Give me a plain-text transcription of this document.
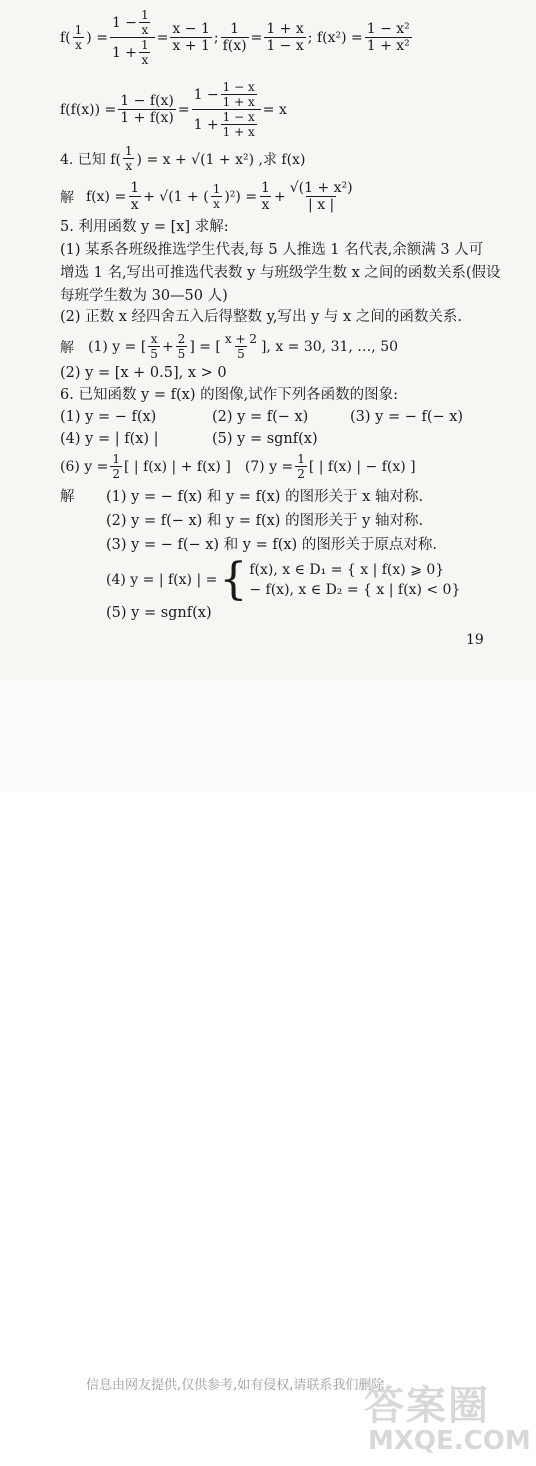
$f( \frac{1}{x}$ ) = $\frac{1 - \frac{1}{x}}{1 + \frac{1}{x}} = \frac{x - 1}{x + 1}$ ; $\frac{1}{f(x)} = \frac{1 + x}{1 - x}$ ; $f(x^2) = \frac{\text{1 − x²}}{\text{1 + x²}}$
$f(f(x)) = \frac{1 - f(x)}{1 + f(x)} = \frac{1 - \frac{1 - x}{1 + x}}{1 + \frac{1 - x}{1 + x}} = x$
4. 已知 $f( \frac{1}{x}$ ) = x + √(1 + x²) ,求 f(x)
解 $f(x) = \frac{1}{x} + √(1$ + ( $\frac{1}{x} )^2) = \frac{1}{x} + \frac{\text{√(1 + x²)}}{| x |}$
5. 利用函数 y = [x] 求解:
(1) 某系各班级推选学生代表,每 5 人推选 1 名代表,余额满 3 人可
增选 1 名,写出可推选代表数 y 与班级学生数 x 之间的函数关系(假设
每班学生数为 30—50 人)
(2) 正数 x 经四舍五入后得整数 y,写出 y 与 x 之间的函数关系.
解 (1) y = [ $\frac{x}{5} + \frac{2}{5}$ ] = [ $\frac{x + 2}{5}$ ], x = 30, 31, …, 50
(2) y = [x + 0.5], x > 0
6. 已知函数 y = f(x) 的图像,试作下列各函数的图象:
(1) y = − f(x)	(2) y = f(− x)	(3) y = − f(− x)
(4) y = | f(x) |	(5) y = sgnf(x)
(6) $y = \frac{1}{2}$ [ | f(x) | + f(x) ] (7) $y = \frac{1}{2}$ [ | f(x) | − f(x) ]
解 (1) y = − f(x) 和 y = f(x) 的图形关于 x 轴对称.
(2) y = f(− x) 和 y = f(x) 的图形关于 y 轴对称.
(3) y = − f(− x) 和 y = f(x) 的图形关于原点对称.
(4) y = | f(x) | = { f(x), x ∈ D₁ = { x | f(x) ⩾ 0}
− f(x), x ∈ D₂ = { x | f(x) < 0}
(5) y = sgnf(x)
19
信息由网友提供,仅供参考,如有侵权,请联系我们删除.
答案圈
MXQE.COM
